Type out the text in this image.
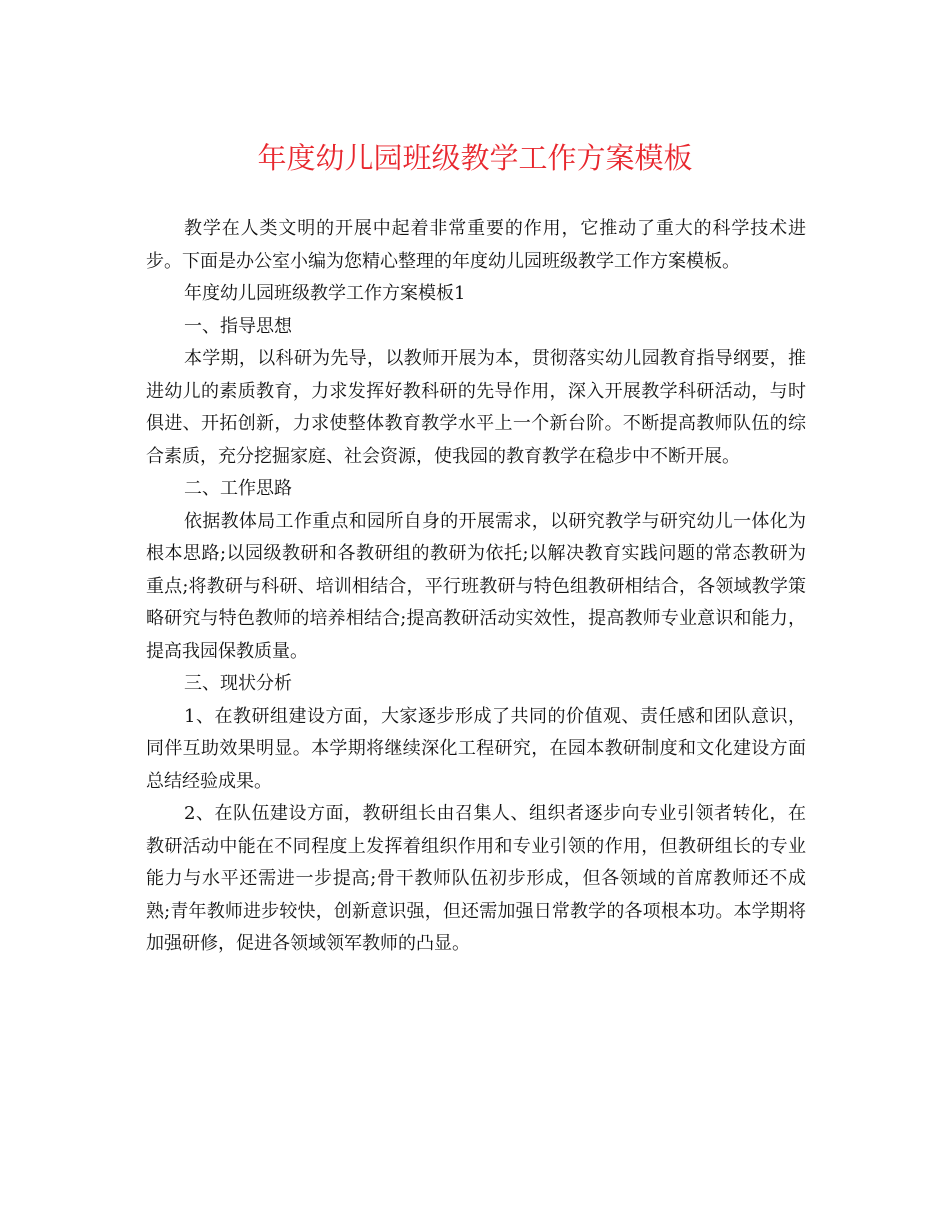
年度幼儿园班级教学工作方案模板

教学在人类文明的开展中起着非常重要的作用，它推动了重大的科学技术进步。下面是办公室小编为您精心整理的年度幼儿园班级教学工作方案模板。

年度幼儿园班级教学工作方案模板1

一、指导思想

本学期，以科研为先导，以教师开展为本，贯彻落实幼儿园教育指导纲要，推进幼儿的素质教育，力求发挥好教科研的先导作用，深入开展教学科研活动，与时俱进、开拓创新，力求使整体教育教学水平上一个新台阶。不断提高教师队伍的综合素质，充分挖掘家庭、社会资源，使我园的教育教学在稳步中不断开展。

二、工作思路

依据教体局工作重点和园所自身的开展需求，以研究教学与研究幼儿一体化为根本思路;以园级教研和各教研组的教研为依托;以解决教育实践问题的常态教研为重点;将教研与科研、培训相结合，平行班教研与特色组教研相结合，各领域教学策略研究与特色教师的培养相结合;提高教研活动实效性，提高教师专业意识和能力，提高我园保教质量。

三、现状分析

1、在教研组建设方面，大家逐步形成了共同的价值观、责任感和团队意识，同伴互助效果明显。本学期将继续深化工程研究，在园本教研制度和文化建设方面总结经验成果。

2、在队伍建设方面，教研组长由召集人、组织者逐步向专业引领者转化，在教研活动中能在不同程度上发挥着组织作用和专业引领的作用，但教研组长的专业能力与水平还需进一步提高;骨干教师队伍初步形成，但各领域的首席教师还不成熟;青年教师进步较快，创新意识强，但还需加强日常教学的各项根本功。本学期将加强研修，促进各领域领军教师的凸显。
